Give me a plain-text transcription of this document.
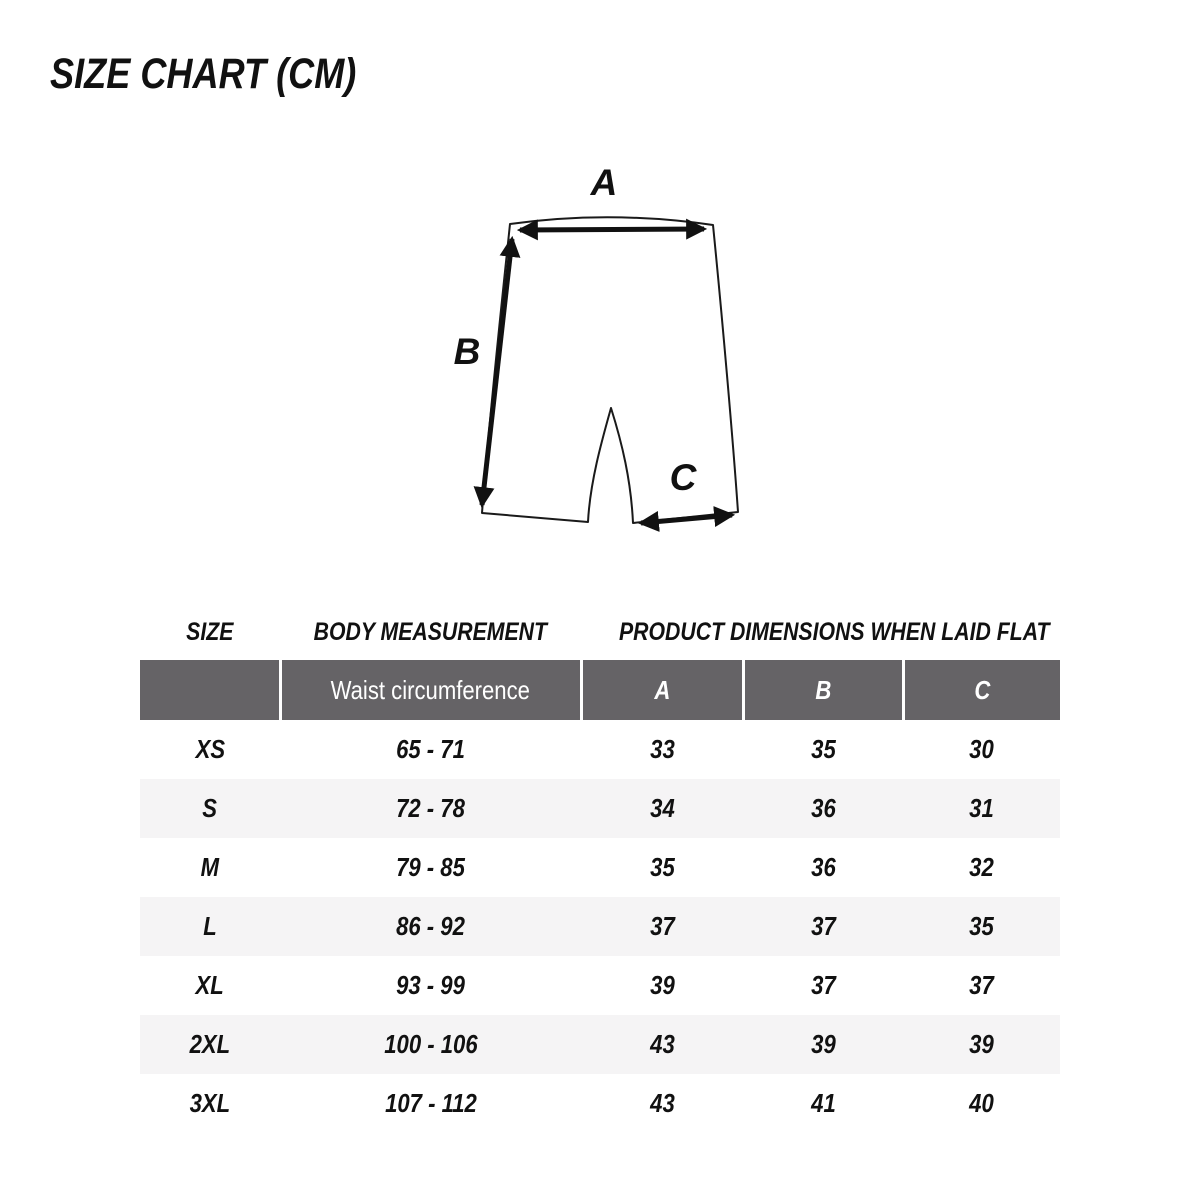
SIZE CHART (CM)
A
B
C
SIZE	BODY MEASUREMENT	PRODUCT DIMENSIONS WHEN LAID FLAT		
	Waist circumference	A	B	C
XS	65 - 71	33	35	30
S	72 - 78	34	36	31
M	79 - 85	35	36	32
L	86 - 92	37	37	35
XL	93 - 99	39	37	37
2XL	100 - 106	43	39	39
3XL	107 - 112	43	41	40
